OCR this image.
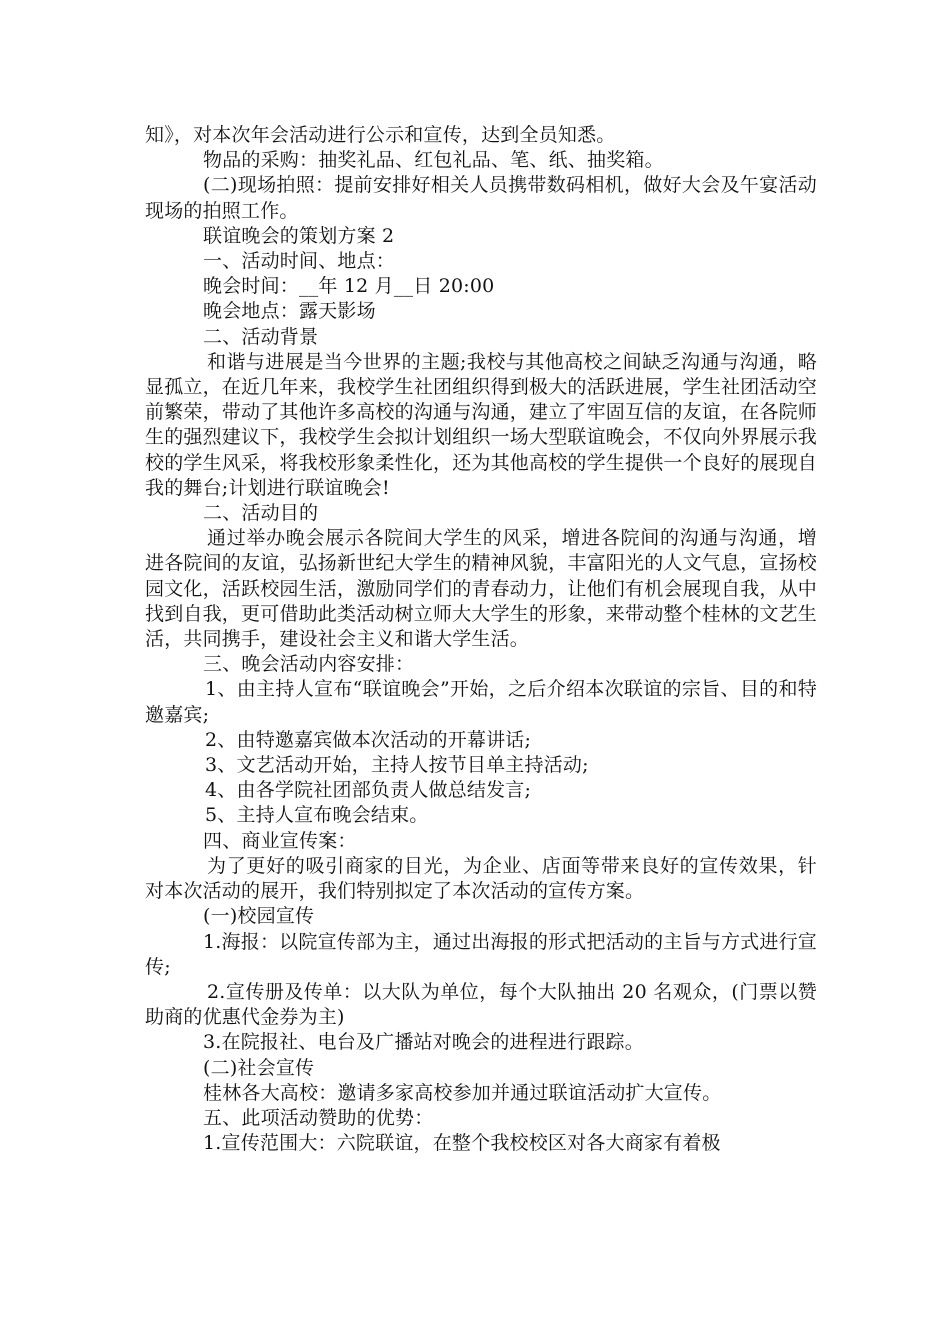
知》，对本次年会活动进行公示和宣传，达到全员知悉。

物品的采购：抽奖礼品、红包礼品、笔、纸、抽奖箱。

(二)现场拍照：提前安排好相关人员携带数码相机，做好大会及午宴活动现场的拍照工作。

联谊晚会的策划方案 2

一、活动时间、地点：

晚会时间：__年 12 月__日 20:00

晚会地点：露天影场

二、活动背景

和谐与进展是当今世界的主题;我校与其他高校之间缺乏沟通与沟通，略显孤立，在近几年来，我校学生社团组织得到极大的活跃进展，学生社团活动空前繁荣，带动了其他许多高校的沟通与沟通，建立了牢固互信的友谊，在各院师生的强烈建议下，我校学生会拟计划组织一场大型联谊晚会，不仅向外界展示我校的学生风采，将我校形象柔性化，还为其他高校的学生提供一个良好的展现自我的舞台;计划进行联谊晚会!

二、活动目的

通过举办晚会展示各院间大学生的风采，增进各院间的沟通与沟通，增进各院间的友谊，弘扬新世纪大学生的精神风貌，丰富阳光的人文气息，宣扬校园文化，活跃校园生活，激励同学们的青春动力，让他们有机会展现自我，从中找到自我，更可借助此类活动树立师大大学生的形象，来带动整个桂林的文艺生活，共同携手，建设社会主义和谐大学生活。

三、晚会活动内容安排：

1、由主持人宣布“联谊晚会”开始，之后介绍本次联谊的宗旨、目的和特邀嘉宾;

2、由特邀嘉宾做本次活动的开幕讲话;

3、文艺活动开始，主持人按节目单主持活动;

4、由各学院社团部负责人做总结发言;

5、主持人宣布晚会结束。

四、商业宣传案：

为了更好的吸引商家的目光，为企业、店面等带来良好的宣传效果，针对本次活动的展开，我们特别拟定了本次活动的宣传方案。

(一)校园宣传

1.海报：以院宣传部为主，通过出海报的形式把活动的主旨与方式进行宣传;

2.宣传册及传单：以大队为单位，每个大队抽出 20 名观众，(门票以赞助商的优惠代金券为主)

3.在院报社、电台及广播站对晚会的进程进行跟踪。

(二)社会宣传

桂林各大高校：邀请多家高校参加并通过联谊活动扩大宣传。

五、此项活动赞助的优势：

1.宣传范围大：六院联谊，在整个我校校区对各大商家有着极
